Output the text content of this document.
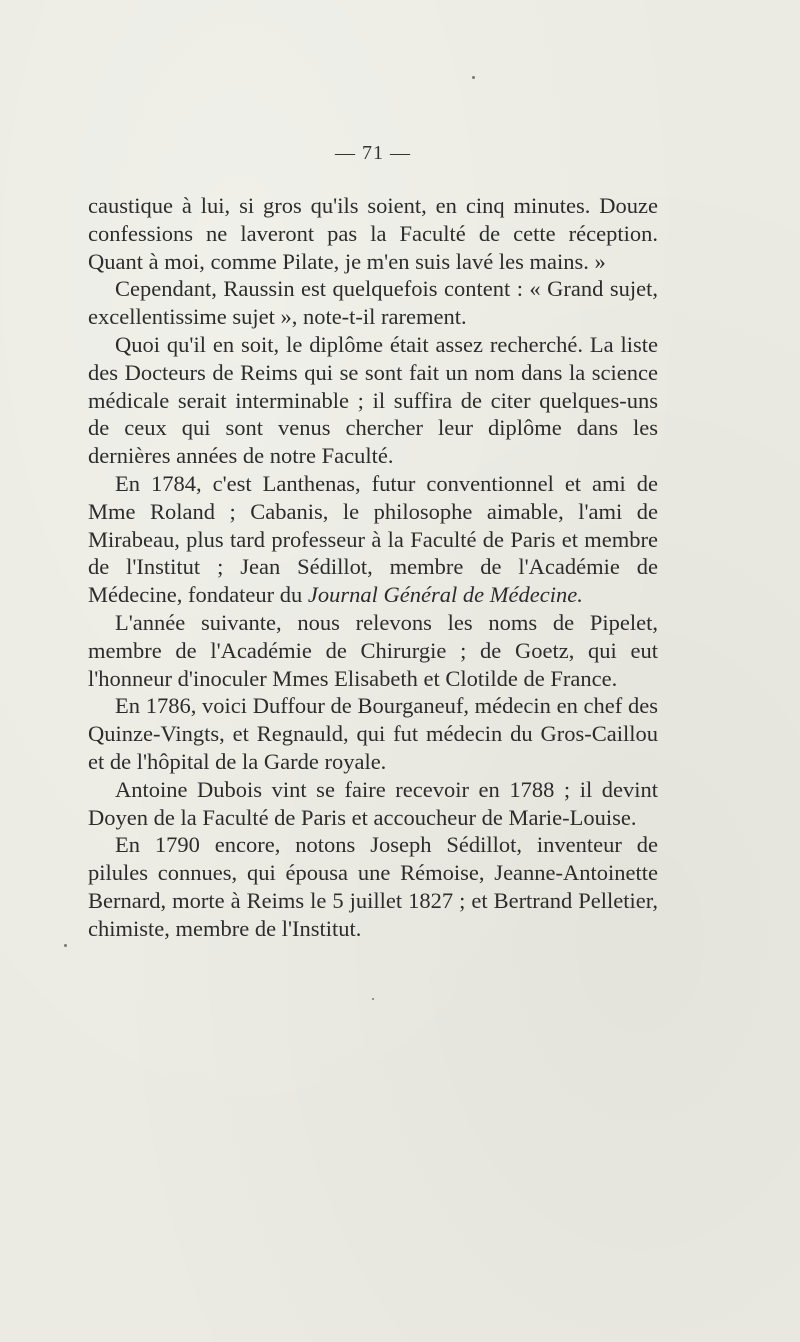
— 71 —

caustique à lui, si gros qu'ils soient, en cinq minutes. Douze confessions ne laveront pas la Faculté de cette réception. Quant à moi, comme Pilate, je m'en suis lavé les mains. »

Cependant, Raussin est quelquefois content : « Grand sujet, excellentissime sujet », note-t-il rarement.

Quoi qu'il en soit, le diplôme était assez recherché. La liste des Docteurs de Reims qui se sont fait un nom dans la science médicale serait interminable ; il suffira de citer quelques-uns de ceux qui sont venus chercher leur diplôme dans les dernières années de notre Faculté.

En 1784, c'est Lanthenas, futur conventionnel et ami de Mme Roland ; Cabanis, le philosophe aimable, l'ami de Mirabeau, plus tard professeur à la Faculté de Paris et membre de l'Institut ; Jean Sédillot, membre de l'Académie de Médecine, fondateur du Journal Général de Médecine.

L'année suivante, nous relevons les noms de Pipelet, membre de l'Académie de Chirurgie ; de Goetz, qui eut l'honneur d'inoculer Mmes Elisabeth et Clotilde de France.

En 1786, voici Duffour de Bourganeuf, médecin en chef des Quinze-Vingts, et Regnauld, qui fut médecin du Gros-Caillou et de l'hôpital de la Garde royale.

Antoine Dubois vint se faire recevoir en 1788 ; il devint Doyen de la Faculté de Paris et accoucheur de Marie-Louise.

En 1790 encore, notons Joseph Sédillot, inventeur de pilules connues, qui épousa une Rémoise, Jeanne-Antoinette Bernard, morte à Reims le 5 juillet 1827 ; et Bertrand Pelletier, chimiste, membre de l'Institut.
